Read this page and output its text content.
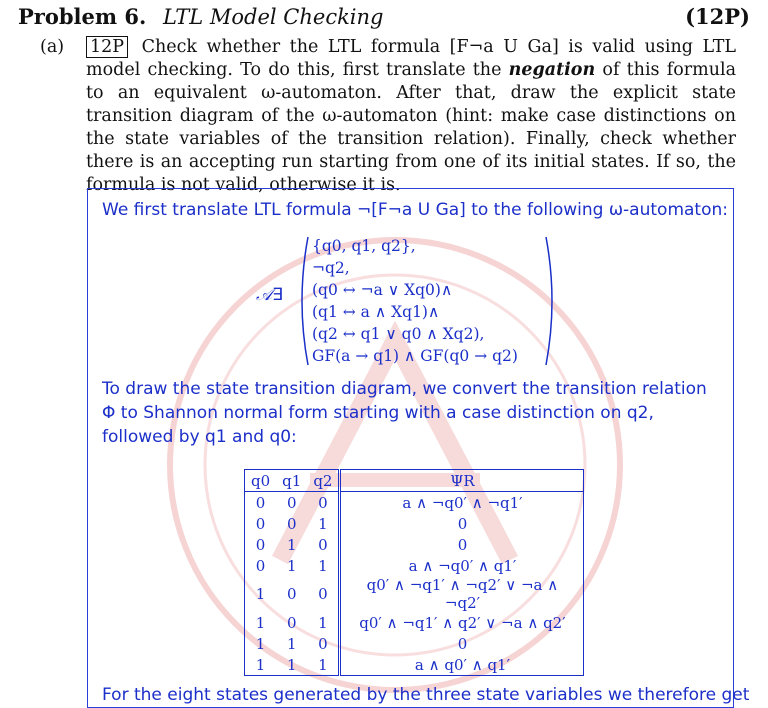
Problem 6. LTL Model Checking	(12P)
(a) 12P Check whether the LTL formula [F¬a U Ga] is valid using LTL model checking. To do this, first translate the negation of this formula to an equivalent ω-automaton. After that, draw the explicit state transition diagram of the ω-automaton (hint: make case distinctions on the state variables of the transition relation). Finally, check whether there is an accepting run starting from one of its initial states. If so, the formula is not valid, otherwise it is.
We first translate LTL formula ¬[F¬a U Ga] to the following ω-automaton:
𝒜∃
{q0, q1, q2},
¬q2,
(q0 ↔ ¬a ∨ Xq0)∧
(q1 ↔ a ∧ Xq1)∧
(q2 ↔ q1 ∨ q0 ∧ Xq2),
GF(a → q1) ∧ GF(q0 → q2)
To draw the state transition diagram, we convert the transition relation Φ to Shannon normal form starting with a case distinction on q2, followed by q1 and q0:
q0	q1	q2	ΨR
0	0	0	a ∧ ¬q0′ ∧ ¬q1′
0	0	1	0
0	1	0	0
0	1	1	a ∧ ¬q0′ ∧ q1′
1	0	0	q0′ ∧ ¬q1′ ∧ ¬q2′ ∨ ¬a ∧ ¬q2′
1	0	1	q0′ ∧ ¬q1′ ∧ q2′ ∨ ¬a ∧ q2′
1	1	0	0
1	1	1	a ∧ q0′ ∧ q1′
For the eight states generated by the three state variables we therefore get
